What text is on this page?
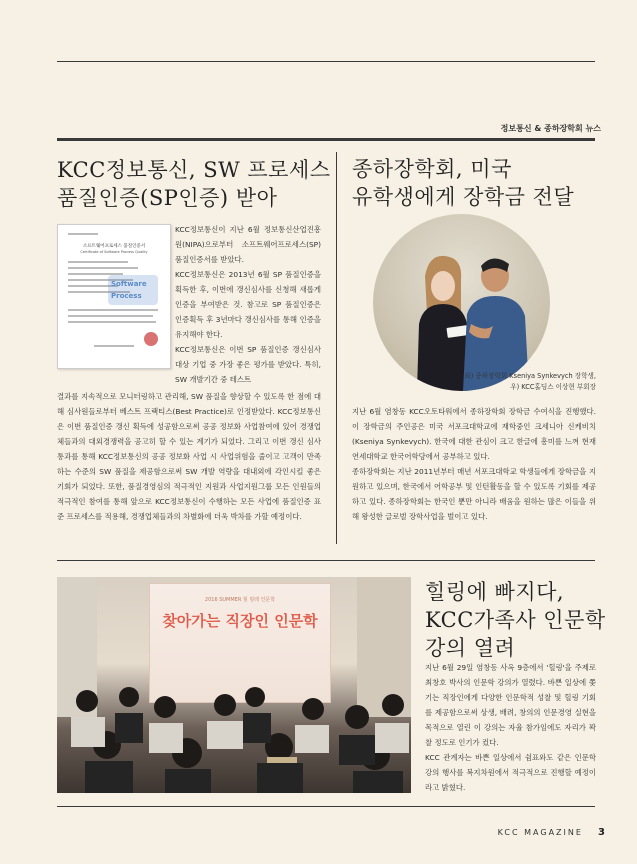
정보통신 & 종하장학회 뉴스
KCC정보통신, SW 프로세스
품질인증(SP인증) 받아
소프트웨어프로세스 품질인증서
Certificate of Software Process Quality
Software Process

KCC정보통신이 지난 6월 정보통신산업진흥원(NIPA)으로부터 소프트웨어프로세스(SP) 품질인증서를 받았다.

KCC정보통신은 2013년 6월 SP 품질인증을 획득한 후, 이번에 갱신심사를 신청해 새롭게 인증을 부여받은 것. 참고로 SP 품질인증은 인증획득 후 3년마다 갱신심사를 통해 인증을 유지해야 한다.

KCC정보통신은 이번 SP 품질인증 갱신심사 대상 기업 중 가장 좋은 평가를 받았다. 특히, SW 개발기간 중 테스트

결과를 지속적으로 모니터링하고 관리해, SW 품질을 향상할 수 있도록 한 점에 대해 심사원들로부터 베스트 프랙티스(Best Practice)로 인정받았다. KCC정보통신은 이번 품질인증 갱신 획득에 성공함으로써 공공 정보화 사업참여에 있어 경쟁업체들과의 대외경쟁력을 공고히 할 수 있는 계기가 되었다. 그리고 이번 갱신 심사 통과를 통해 KCC정보통신의 공공 정보화 사업 시 사업위험을 줄이고 고객이 만족하는 수준의 SW 품질을 제공함으로써 SW 개발 역량을 대내외에 각인시킬 좋은 기회가 되었다. 또한, 품질경영심의 적극적인 지원과 사업지원그룹 모든 인원들의 적극적인 참여를 통해 앞으로 KCC정보통신이 수행하는 모든 사업에 품질인증 표준 프로세스를 적용해, 경쟁업체들과의 차별화에 더욱 박차를 가할 예정이다.

종하장학회, 미국
유학생에게 장학금 전달
좌) 종하장학회 Kseniya Synkevych 장학생,
우) KCC홀딩스 이상현 부회장

지난 6월 염창동 KCC오토타워에서 종하장학회 장학금 수여식을 진행했다. 이 장학금의 주인공은 미국 서포크대학교에 재학중인 크세니아 신케비치(Kseniya Synkevych). 한국에 대한 관심이 크고 한글에 흥미를 느껴 현재 연세대학교 한국어학당에서 공부하고 있다.

종하장학회는 지난 2011년부터 매년 서포크대학교 학생들에게 장학금을 지원하고 있으며, 한국에서 어학공부 및 인턴활동을 할 수 있도록 기회를 제공하고 있다. 종하장학회는 한국인 뿐만 아니라 배움을 원하는 많은 이들을 위해 왕성한 글로벌 장학사업을 벌이고 있다.

2016 SUMMER 힐 릴레 인문학
찾아가는 직장인 인문학
힐링에 빠지다,
KCC가족사 인문학
강의 열려

지난 6월 29일 염창동 사옥 9층에서 '힐링'을 주제로 최창호 박사의 인문학 강의가 열렸다. 바쁜 일상에 쫓기는 직장인에게 다양한 인문학적 성찰 및 힐링 기회를 제공함으로써 상생, 배려, 창의의 인문경영 실현을 목적으로 열린 이 강의는 자율 참가임에도 자리가 꽉 찰 정도로 인기가 컸다.

KCC 관계자는 바쁜 일상에서 쉼표와도 같은 인문학 강의 행사를 복지차원에서 적극적으로 진행할 예정이라고 밝혔다.

KCC MAGAZINE 3
